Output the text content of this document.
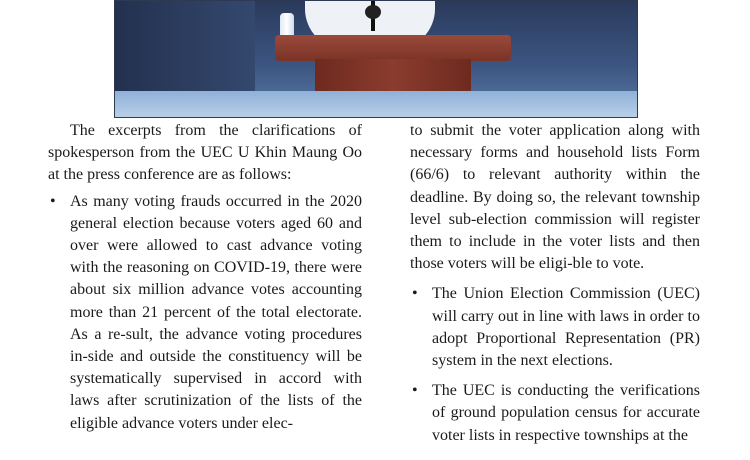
The excerpts from the clarifications of spokesperson from the UEC U Khin Maung Oo at the press conference are as follows:

• As many voting frauds occurred in the 2020 general election because voters aged 60 and over were allowed to cast advance voting with the reasoning on COVID-19, there were about six million advance votes accounting more than 21 percent of the total electorate. As a re-sult, the advance voting procedures in-side and outside the constituency will be systematically supervised in accord with laws after scrutinization of the lists of the eligible advance voters under elec-

to submit the voter application along with necessary forms and household lists Form (66/6) to relevant authority within the deadline. By doing so, the relevant township level sub-election commission will register them to include in the voter lists and then those voters will be eligi-ble to vote.

• The Union Election Commission (UEC) will carry out in line with laws in order to adopt Proportional Representation (PR) system in the next elections.
• The UEC is conducting the verifications of ground population census for accurate voter lists in respective townships at the
